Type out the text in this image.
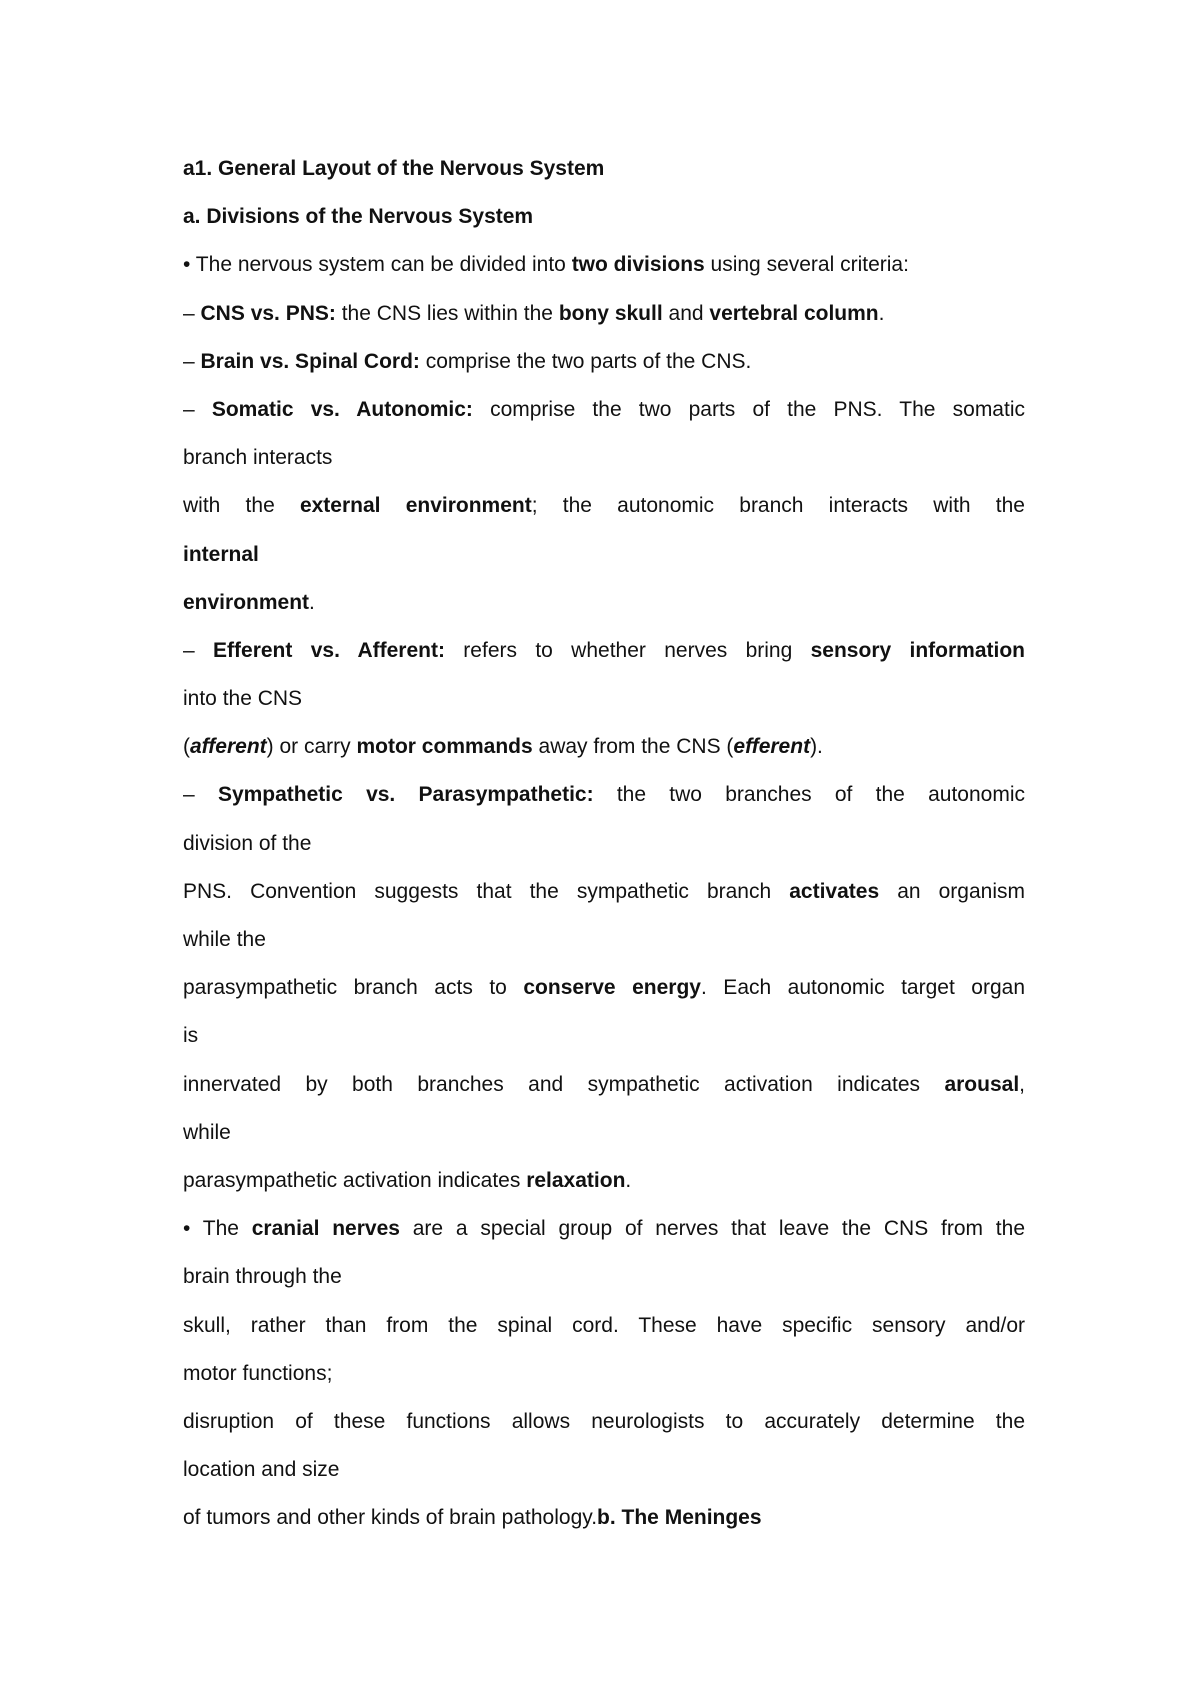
a1. General Layout of the Nervous System
a. Divisions of the Nervous System
• The nervous system can be divided into two divisions using several criteria:
– CNS vs. PNS: the CNS lies within the bony skull and vertebral column.
– Brain vs. Spinal Cord: comprise the two parts of the CNS.
– Somatic vs. Autonomic: comprise the two parts of the PNS. The somatic
branch interacts
with the external environment; the autonomic branch interacts with the
internal
environment.
– Efferent vs. Afferent: refers to whether nerves bring sensory information
into the CNS
(afferent) or carry motor commands away from the CNS (efferent).
– Sympathetic vs. Parasympathetic: the two branches of the autonomic
division of the
PNS. Convention suggests that the sympathetic branch activates an organism
while the
parasympathetic branch acts to conserve energy. Each autonomic target organ
is
innervated by both branches and sympathetic activation indicates arousal,
while
parasympathetic activation indicates relaxation.
• The cranial nerves are a special group of nerves that leave the CNS from the
brain through the
skull, rather than from the spinal cord. These have specific sensory and/or
motor functions;
disruption of these functions allows neurologists to accurately determine the
location and size
of tumors and other kinds of brain pathology.b. The Meninges
